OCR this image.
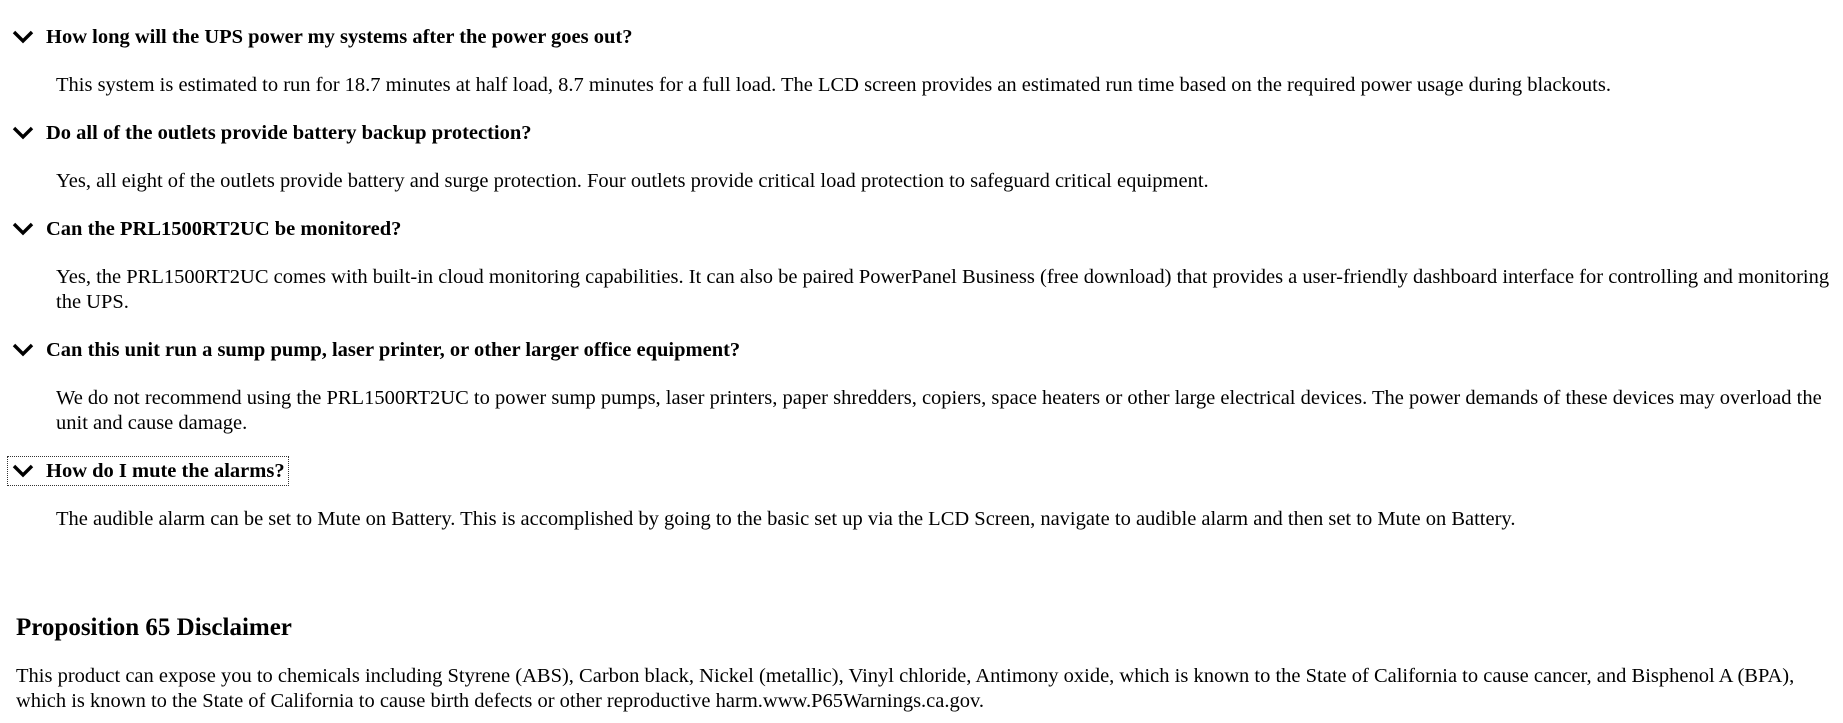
How long will the UPS power my systems after the power goes out?
This system is estimated to run for 18.7 minutes at half load, 8.7 minutes for a full load. The LCD screen provides an estimated run time based on the required power usage during blackouts.
Do all of the outlets provide battery backup protection?
Yes, all eight of the outlets provide battery and surge protection. Four outlets provide critical load protection to safeguard critical equipment.
Can the PRL1500RT2UC be monitored?
Yes, the PRL1500RT2UC comes with built-in cloud monitoring capabilities. It can also be paired PowerPanel Business (free download) that provides a user-friendly dashboard interface for controlling and monitoring the UPS.
Can this unit run a sump pump, laser printer, or other larger office equipment?
We do not recommend using the PRL1500RT2UC to power sump pumps, laser printers, paper shredders, copiers, space heaters or other large electrical devices. The power demands of these devices may overload the unit and cause damage.
How do I mute the alarms?
The audible alarm can be set to Mute on Battery. This is accomplished by going to the basic set up via the LCD Screen, navigate to audible alarm and then set to Mute on Battery.
Proposition 65 Disclaimer

This product can expose you to chemicals including Styrene (ABS), Carbon black, Nickel (metallic), Vinyl chloride, Antimony oxide, which is known to the State of California to cause cancer, and Bisphenol A (BPA), which is known to the State of California to cause birth defects or other reproductive harm.www.P65Warnings.ca.gov.
